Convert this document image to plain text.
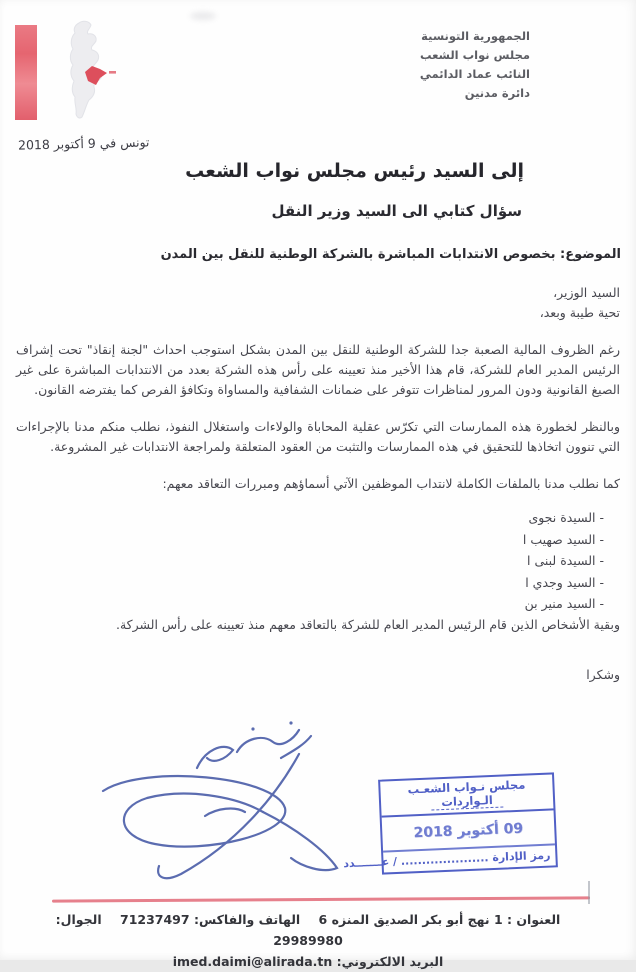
الجمهورية التونسية
مجلس نواب الشعب
النائب عماد الدائمي
دائرة مدنين
تونس في 9 أكتوبر 2018
إلى السيد رئيس مجلس نواب الشعب
سؤال كتابي الى السيد وزير النقل
الموضوع: بخصوص الانتدابات المباشرة بالشركة الوطنية للنقل بين المدن
السيد الوزير،
تحية طيبة وبعد،
رغم الظروف المالية الصعبة جدا للشركة الوطنية للنقل بين المدن بشكل استوجب احداث "لجنة إنقاذ" تحت إشراف الرئيس المدير العام للشركة، قام هذا الأخير منذ تعيينه على رأس هذه الشركة بعدد من الانتدابات المباشرة على غير الصيغ القانونية ودون المرور لمناظرات تتوفر على ضمانات الشفافية والمساواة وتكافؤ الفرص كما يفترضه القانون.
وبالنظر لخطورة هذه الممارسات التي تكرّس عقلية المحاباة والولاءات واستغلال النفوذ، نطلب منكم مدنا بالإجراءات التي تنوون اتخاذها للتحقيق في هذه الممارسات والتثبت من العقود المتعلقة ولمراجعة الانتدابات غير المشروعة.
كما نطلب مدنا بالملفات الكاملة لانتداب الموظفين الآتي أسماؤهم ومبررات التعاقد معهم:
- السيدة نجوى
- السيد صهيب ا
- السيدة لبنى ا
- السيد وجدي ا
- السيد منير بن
وبقية الأشخاص الذين قام الرئيس المدير العام للشركة بالتعاقد معهم منذ تعيينه على رأس الشركة.
وشكرا
مجلس نـواب الشعـب
الـواردات
09 أكتوبر 2018
رمز الإدارة ..................... / عـــــــدد
العنوان : 1 نهج أبو بكر الصديق المنزه 6 الهاتف والفاكس: 71237497 الجوال: 29989980
البريد الالكتروني: imed.daimi@alirada.tn
